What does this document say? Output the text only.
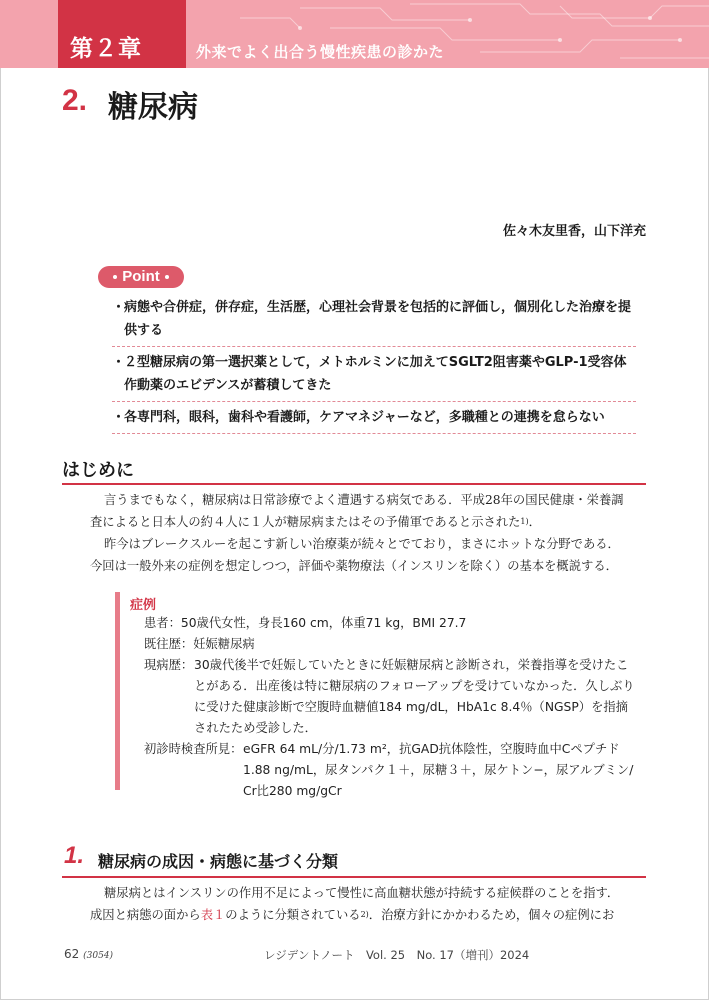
第２章	外来でよく出合う慢性疾患の診かた
2. 糖尿病
佐々木友里香，山下洋充
Point
・病態や合併症，併存症，生活歴，心理社会背景を包括的に評価し，個別化した治療を提
供する
・２型糖尿病の第一選択薬として，メトホルミンに加えてSGLT2阻害薬やGLP-1受容体
作動薬のエビデンスが蓄積してきた
・各専門科，眼科，歯科や看護師，ケアマネジャーなど，多職種との連携を怠らない
はじめに
言うまでもなく，糖尿病は日常診療でよく遭遇する病気である．平成28年の国民健康・栄養調
査によると日本人の約４人に１人が糖尿病またはその予備軍であると示された$^{1)}$．
昨今はブレークスルーを起こす新しい治療薬が続々とでており，まさにホットな分野である．
今回は一般外来の症例を想定しつつ，評価や薬物療法（インスリンを除く）の基本を概説する．
症例
患者：50歳代女性，身長160 cm，体重71 kg，BMI 27.7
既往歴：妊娠糖尿病
現病歴： 30歳代後半で妊娠していたときに妊娠糖尿病と診断され，栄養指導を受けたこ
とがある．出産後は特に糖尿病のフォローアップを受けていなかった．久しぶり
に受けた健康診断で空腹時血糖値184 mg/dL，HbA1c 8.4％（NGSP）を指摘
されたため受診した．
初診時検査所見： eGFR 64 mL/分/1.73 m²，抗GAD抗体陰性，空腹時血中Cペプチド
1.88 ng/mL，尿タンパク１＋，尿糖３＋，尿ケトン−，尿アルブミン/
Cr比280 mg/gCr
1. 糖尿病の成因・病態に基づく分類
糖尿病とはインスリンの作用不足によって慢性に高血糖状態が持続する症候群のことを指す．
成因と病態の面から表１のように分類されている$^{2)}$．治療方針にかかわるため，個々の症例にお
62 (3054)	レジデントノート　Vol. 25　No. 17（増刊）2024
